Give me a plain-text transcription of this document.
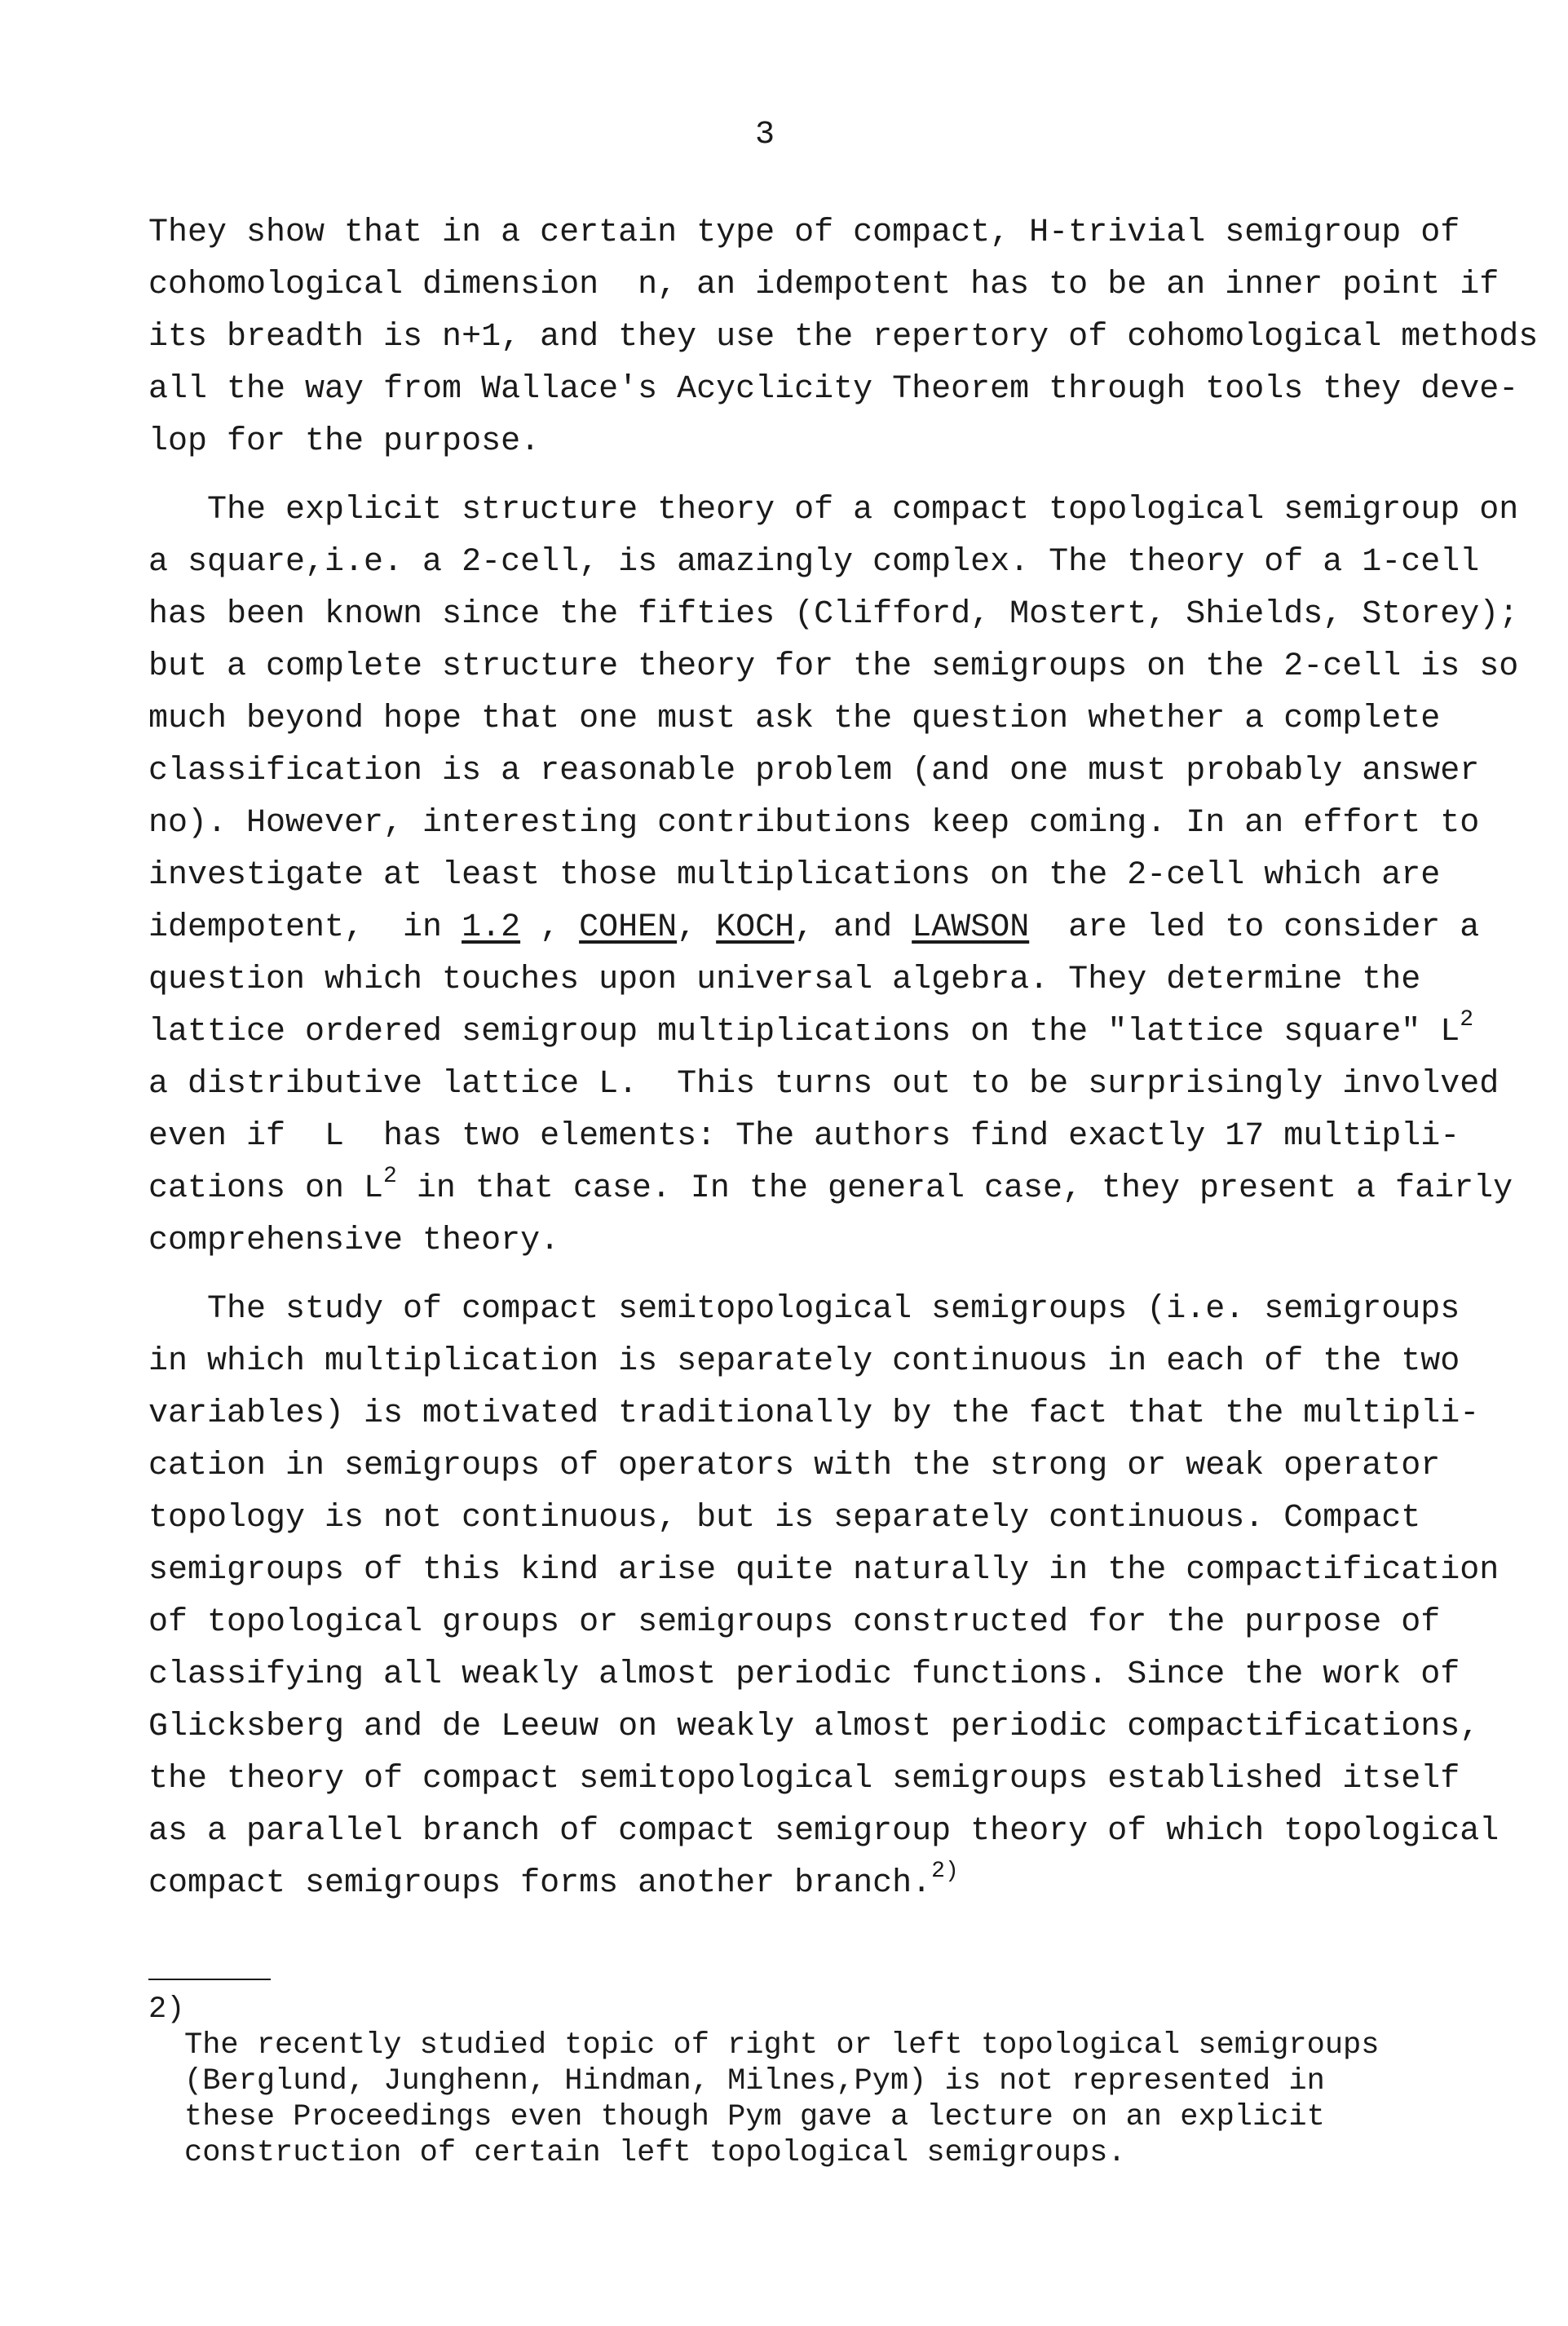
3
They show that in a certain type of compact, H-trivial semigroup of
cohomological dimension  n, an idempotent has to be an inner point if
its breadth is n+1, and they use the repertory of cohomological methods
all the way from Wallace's Acyclicity Theorem through tools they deve-
lop for the purpose.
The explicit structure theory of a compact topological semigroup on
a square,i.e. a 2-cell, is amazingly complex. The theory of a 1-cell
has been known since the fifties (Clifford, Mostert, Shields, Storey);
but a complete structure theory for the semigroups on the 2-cell is so
much beyond hope that one must ask the question whether a complete
classification is a reasonable problem (and one must probably answer
no). However, interesting contributions keep coming. In an effort to
investigate at least those multiplications on the 2-cell which are
idempotent,  in 1.2 , COHEN, KOCH, and LAWSON  are led to consider a
question which touches upon universal algebra. They determine the
lattice ordered semigroup multiplications on the "lattice square" $L^2$
a distributive lattice L.  This turns out to be surprisingly involved
even if  L  has two elements: The authors find exactly 17 multipli-
cations on $L^2$ in that case. In the general case, they present a fairly
comprehensive theory.
The study of compact semitopological semigroups (i.e. semigroups
in which multiplication is separately continuous in each of the two
variables) is motivated traditionally by the fact that the multipli-
cation in semigroups of operators with the strong or weak operator
topology is not continuous, but is separately continuous. Compact
semigroups of this kind arise quite naturally in the compactification
of topological groups or semigroups constructed for the purpose of
classifying all weakly almost periodic functions. Since the work of
Glicksberg and de Leeuw on weakly almost periodic compactifications,
the theory of compact semitopological semigroups established itself
as a parallel branch of compact semigroup theory of which topological
compact semigroups forms another branch.$^{2)}$
2)
The recently studied topic of right or left topological semigroups
(Berglund, Junghenn, Hindman, Milnes,Pym) is not represented in
these Proceedings even though Pym gave a lecture on an explicit
construction of certain left topological semigroups.
